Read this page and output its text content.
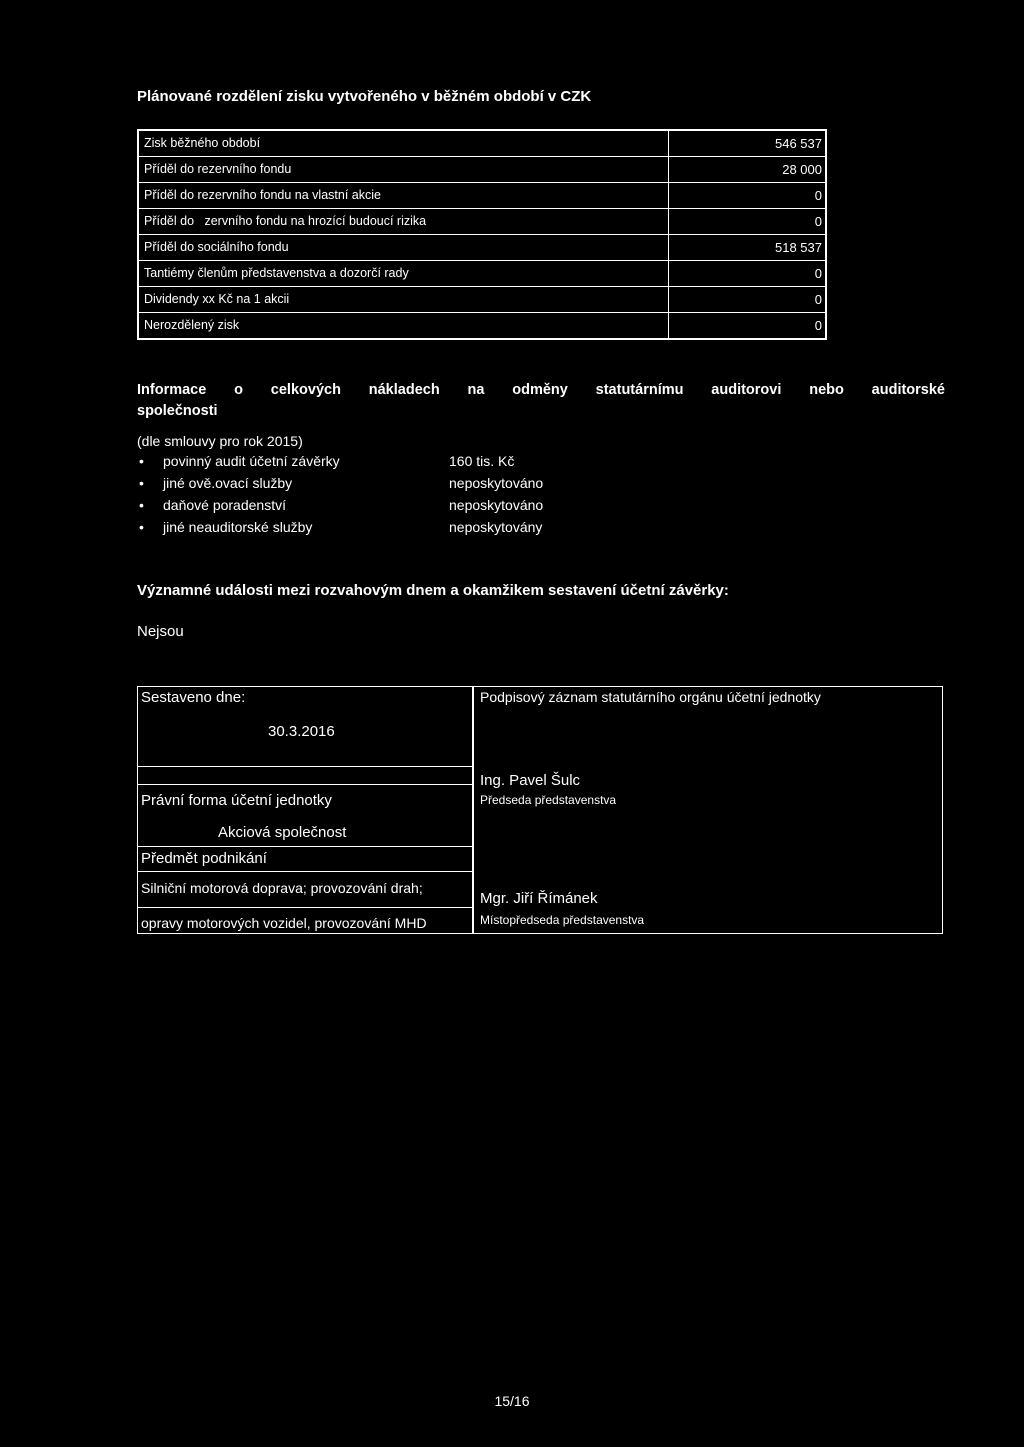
Plánované rozdělení zisku vytvořeného v běžném období v CZK
Zisk běžného období	546 537
Příděl do rezervního fondu	28 000
Příděl do rezervního fondu na vlastní akcie	0
Příděl do   zervního fondu na hrozící budoucí rizika	0
Příděl do sociálního fondu	518 537
Tantiémy členům představenstva a dozorčí rady	0
Dividendy xx Kč na 1 akcii	0
Nerozdělený zisk	0
Informace o celkových nákladech na odměny statutárnímu auditorovi nebo auditorské
společnosti
(dle smlouvy pro rok 2015)
• povinný audit účetní závěrky	160 tis. Kč
• jiné ově.ovací služby	neposkytováno
• daňové poradenství	neposkytováno
• jiné neauditorské služby	neposkytovány
Významné události mezi rozvahovým dnem a okamžikem sestavení účetní závěrky:
Nejsou
Sestaveno dne:
30.3.2016
Právní forma účetní jednotky
Akciová společnost
Předmět podnikání
Silniční motorová doprava; provozování drah;
opravy motorových vozidel, provozování MHD
Podpisový záznam statutárního orgánu účetní jednotky
Ing. Pavel Šulc
Předseda představenstva
Mgr. Jiří Římánek
Místopředseda představenstva
15/16
